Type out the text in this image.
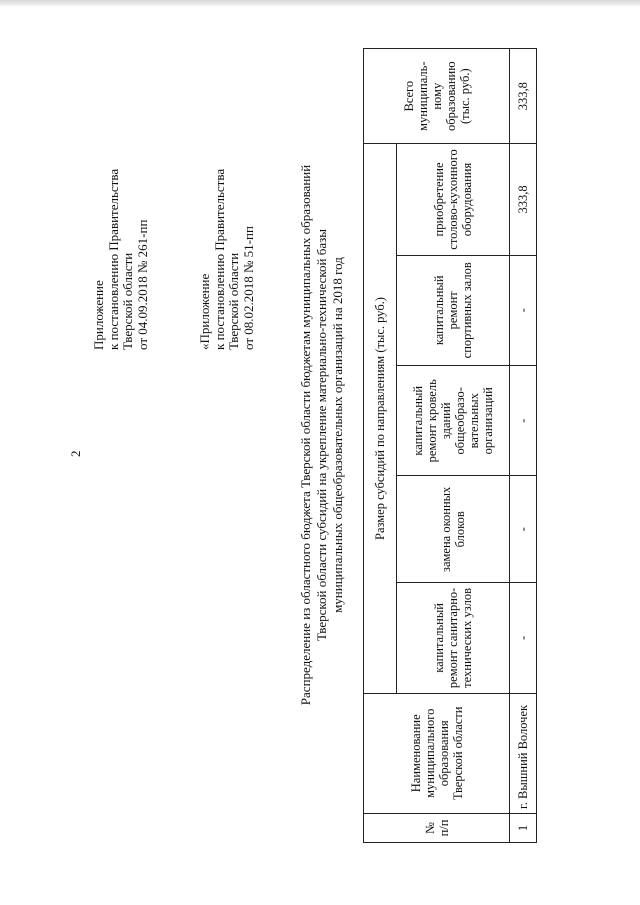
2

Приложение к постановлению Правительства Тверской области от 04.09.2018 № 261-пп	«Приложение к постановлению Правительства Тверской области от 08.02.2018 № 51-пп	Распределение из областного бюджета Тверской области бюджетам муниципальных образований Тверской области субсидий на укрепление материально-технической базы муниципальных общеобразовательных организаций на 2018 год
№ п/п	Наименование муниципального образования Тверской области	Размер субсидий по направлениям (тыс. руб.)					Всего муниципаль-ному образованию (тыс. руб.)
		капитальный ремонт санитарно-технических узлов	замена оконных блоков	капитальный ремонт кровель зданий общеобразо-вательных организаций	капитальный ремонт спортивных залов	приобретение столово-кухонного оборудования	
1	г. Вышний Волочек	-	-	-	-	333,8	333,8
